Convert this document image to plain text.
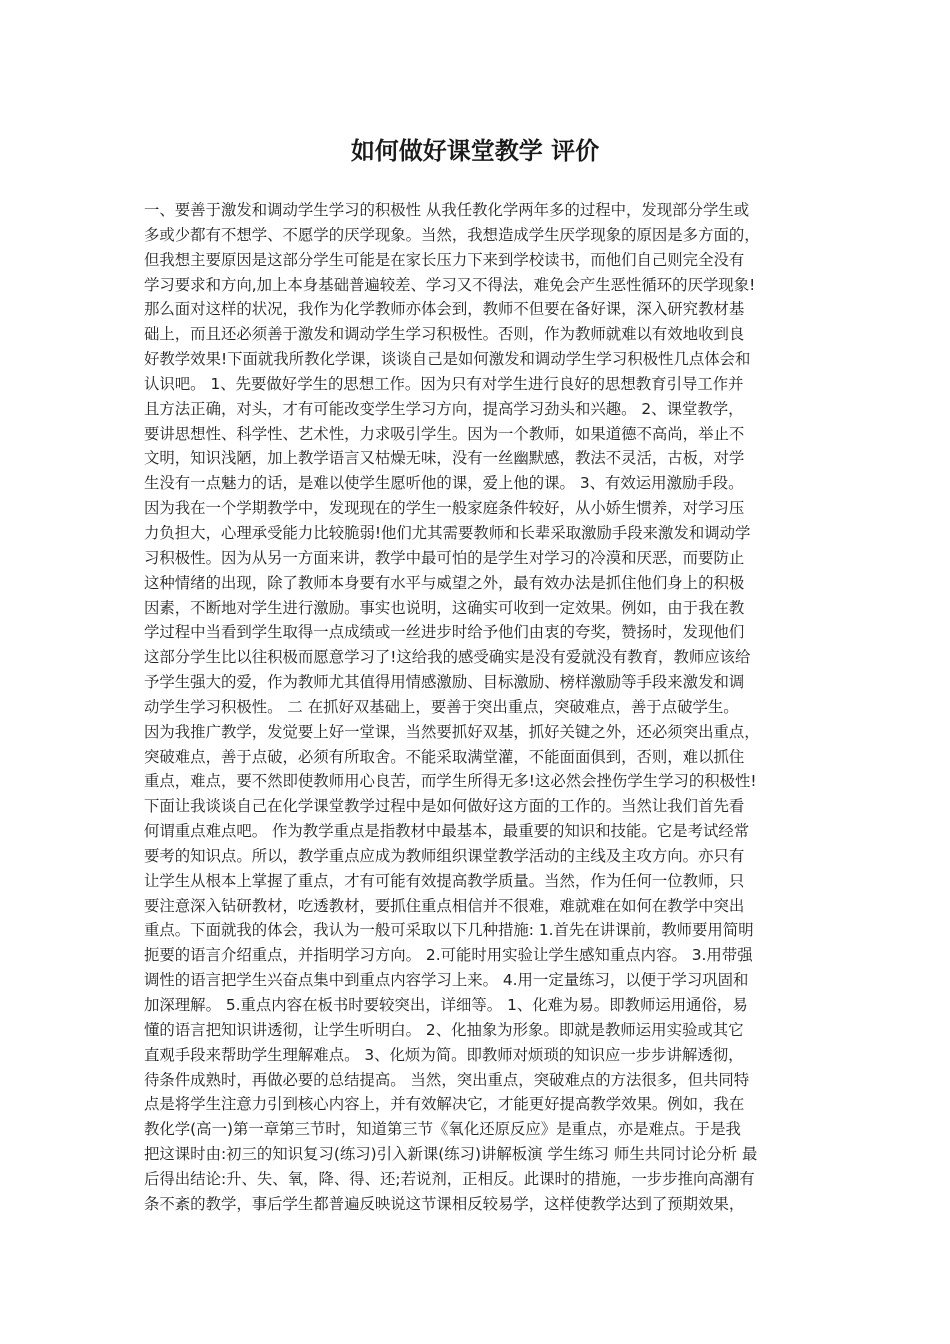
如何做好课堂教学 评价
一、要善于激发和调动学生学习的积极性 从我任教化学两年多的过程中，发现部分学生或
多或少都有不想学、不愿学的厌学现象。当然，我想造成学生厌学现象的原因是多方面的，
但我想主要原因是这部分学生可能是在家长压力下来到学校读书，而他们自己则完全没有
学习要求和方向,加上本身基础普遍较差、学习又不得法，难免会产生恶性循环的厌学现象!
那么面对这样的状况，我作为化学教师亦体会到，教师不但要在备好课，深入研究教材基
础上，而且还必须善于激发和调动学生学习积极性。否则，作为教师就难以有效地收到良
好教学效果!下面就我所教化学课，谈谈自己是如何激发和调动学生学习积极性几点体会和
认识吧。 1、先要做好学生的思想工作。因为只有对学生进行良好的思想教育引导工作并
且方法正确，对头，才有可能改变学生学习方向，提高学习劲头和兴趣。 2、课堂教学，
要讲思想性、科学性、艺术性，力求吸引学生。因为一个教师，如果道德不高尚，举止不
文明，知识浅陋，加上教学语言又枯燥无味，没有一丝幽默感，教法不灵活，古板，对学
生没有一点魅力的话，是难以使学生愿听他的课，爱上他的课。 3、有效运用激励手段。
因为我在一个学期教学中，发现现在的学生一般家庭条件较好，从小娇生惯养，对学习压
力负担大，心理承受能力比较脆弱!他们尤其需要教师和长辈采取激励手段来激发和调动学
习积极性。因为从另一方面来讲，教学中最可怕的是学生对学习的冷漠和厌恶，而要防止
这种情绪的出现，除了教师本身要有水平与威望之外，最有效办法是抓住他们身上的积极
因素，不断地对学生进行激励。事实也说明，这确实可收到一定效果。例如，由于我在教
学过程中当看到学生取得一点成绩或一丝进步时给予他们由衷的夸奖，赞扬时，发现他们
这部分学生比以往积极而愿意学习了!这给我的感受确实是没有爱就没有教育，教师应该给
予学生强大的爱，作为教师尤其值得用情感激励、目标激励、榜样激励等手段来激发和调
动学生学习积极性。 二 在抓好双基础上，要善于突出重点，突破难点，善于点破学生。
因为我推广教学，发觉要上好一堂课，当然要抓好双基，抓好关键之外，还必须突出重点，
突破难点，善于点破，必须有所取舍。不能采取满堂灌，不能面面俱到，否则，难以抓住
重点，难点，要不然即使教师用心良苦，而学生所得无多!这必然会挫伤学生学习的积极性!
下面让我谈谈自己在化学课堂教学过程中是如何做好这方面的工作的。当然让我们首先看
何谓重点难点吧。 作为教学重点是指教材中最基本，最重要的知识和技能。它是考试经常
要考的知识点。所以，教学重点应成为教师组织课堂教学活动的主线及主攻方向。亦只有
让学生从根本上掌握了重点，才有可能有效提高教学质量。当然，作为任何一位教师，只
要注意深入钻研教材，吃透教材，要抓住重点相信并不很难，难就难在如何在教学中突出
重点。下面就我的体会，我认为一般可采取以下几种措施: 1.首先在讲课前，教师要用简明
扼要的语言介绍重点，并指明学习方向。 2.可能时用实验让学生感知重点内容。 3.用带强
调性的语言把学生兴奋点集中到重点内容学习上来。 4.用一定量练习，以便于学习巩固和
加深理解。 5.重点内容在板书时要较突出，详细等。 1、化难为易。即教师运用通俗，易
懂的语言把知识讲透彻，让学生听明白。 2、化抽象为形象。即就是教师运用实验或其它
直观手段来帮助学生理解难点。 3、化烦为简。即教师对烦琐的知识应一步步讲解透彻，
待条件成熟时，再做必要的总结提高。 当然，突出重点，突破难点的方法很多，但共同特
点是将学生注意力引到核心内容上，并有效解决它，才能更好提高教学效果。例如，我在
教化学(高一)第一章第三节时，知道第三节《氧化还原反应》是重点，亦是难点。于是我
把这课时由:初三的知识复习(练习)引入新课(练习)讲解板演 学生练习 师生共同讨论分析 最
后得出结论:升、失、氧，降、得、还;若说剂，正相反。此课时的措施，一步步推向高潮有
条不紊的教学，事后学生都普遍反映说这节课相反较易学，这样使教学达到了预期效果，
